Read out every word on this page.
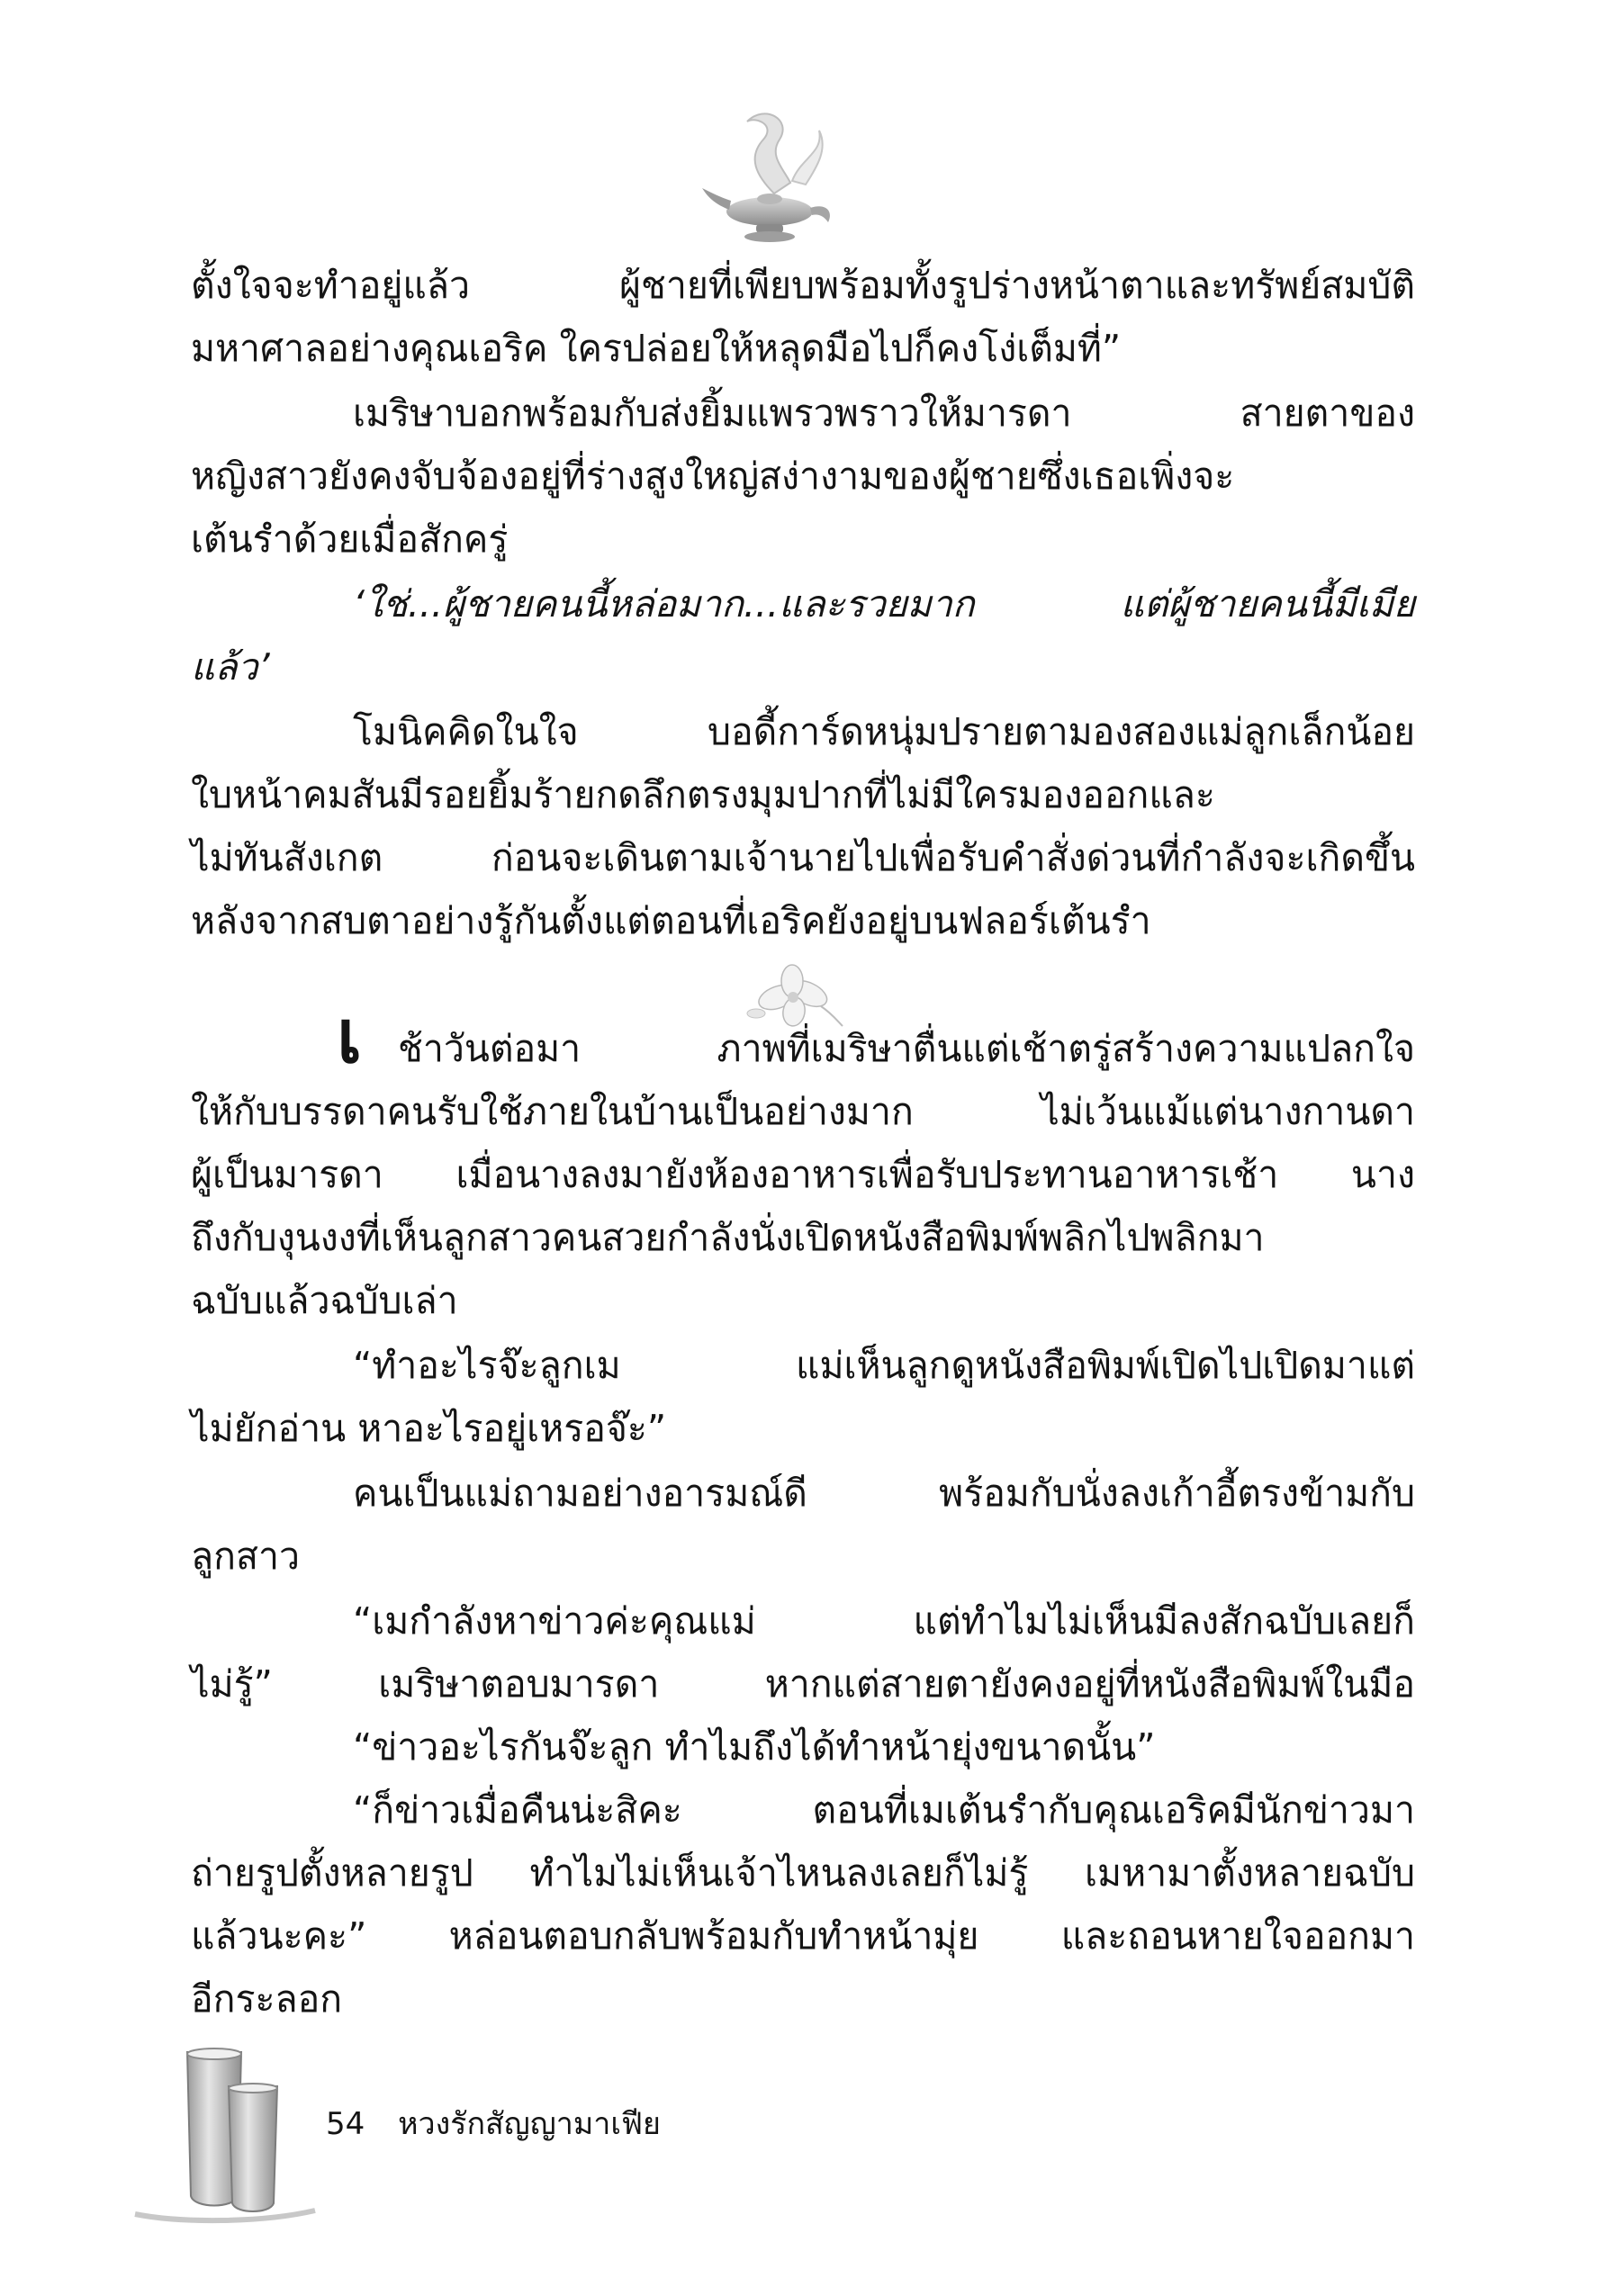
ตั้งใจจะทำอยู่แล้ว ผู้ชายที่เพียบพร้อมทั้งรูปร่างหน้าตาและทรัพย์สมบัติ
มหาศาลอย่างคุณเอริค ใครปล่อยให้หลุดมือไปก็คงโง่เต็มที่”
เมริษาบอกพร้อมกับส่งยิ้มแพรวพราวให้มารดา สายตาของ
หญิงสาวยังคงจับจ้องอยู่ที่ร่างสูงใหญ่สง่างามของผู้ชายซึ่งเธอเพิ่งจะ
เต้นรำด้วยเมื่อสักครู่
‘ใช่...ผู้ชายคนนี้หล่อมาก...และรวยมาก แต่ผู้ชายคนนี้มีเมีย
แล้ว’
โมนิคคิดในใจ บอดี้การ์ดหนุ่มปรายตามองสองแม่ลูกเล็กน้อย
ใบหน้าคมสันมีรอยยิ้มร้ายกดลึกตรงมุมปากที่ไม่มีใครมองออกและ
ไม่ทันสังเกต ก่อนจะเดินตามเจ้านายไปเพื่อรับคำสั่งด่วนที่กำลังจะเกิดขึ้น
หลังจากสบตาอย่างรู้กันตั้งแต่ตอนที่เอริคยังอยู่บนฟลอร์เต้นรำ
ช้าวันต่อมา ภาพที่เมริษาตื่นแต่เช้าตรู่สร้างความแปลกใจ
ให้กับบรรดาคนรับใช้ภายในบ้านเป็นอย่างมาก ไม่เว้นแม้แต่นางกานดา
ผู้เป็นมารดา เมื่อนางลงมายังห้องอาหารเพื่อรับประทานอาหารเช้า นาง
ถึงกับงุนงงที่เห็นลูกสาวคนสวยกำลังนั่งเปิดหนังสือพิมพ์พลิกไปพลิกมา
ฉบับแล้วฉบับเล่า
“ทำอะไรจ๊ะลูกเม แม่เห็นลูกดูหนังสือพิมพ์เปิดไปเปิดมาแต่
ไม่ยักอ่าน หาอะไรอยู่เหรอจ๊ะ”
คนเป็นแม่ถามอย่างอารมณ์ดี พร้อมกับนั่งลงเก้าอี้ตรงข้ามกับ
ลูกสาว
“เมกำลังหาข่าวค่ะคุณแม่ แต่ทำไมไม่เห็นมีลงสักฉบับเลยก็
ไม่รู้” เมริษาตอบมารดา หากแต่สายตายังคงอยู่ที่หนังสือพิมพ์ในมือ
“ข่าวอะไรกันจ๊ะลูก ทำไมถึงได้ทำหน้ายุ่งขนาดนั้น”
“ก็ข่าวเมื่อคืนน่ะสิคะ ตอนที่เมเต้นรำกับคุณเอริคมีนักข่าวมา
ถ่ายรูปตั้งหลายรูป ทำไมไม่เห็นเจ้าไหนลงเลยก็ไม่รู้ เมหามาตั้งหลายฉบับ
แล้วนะคะ” หล่อนตอบกลับพร้อมกับทำหน้ามุ่ย และถอนหายใจออกมา
อีกระลอก
เ
54 หวงรักสัญญามาเฟีย
